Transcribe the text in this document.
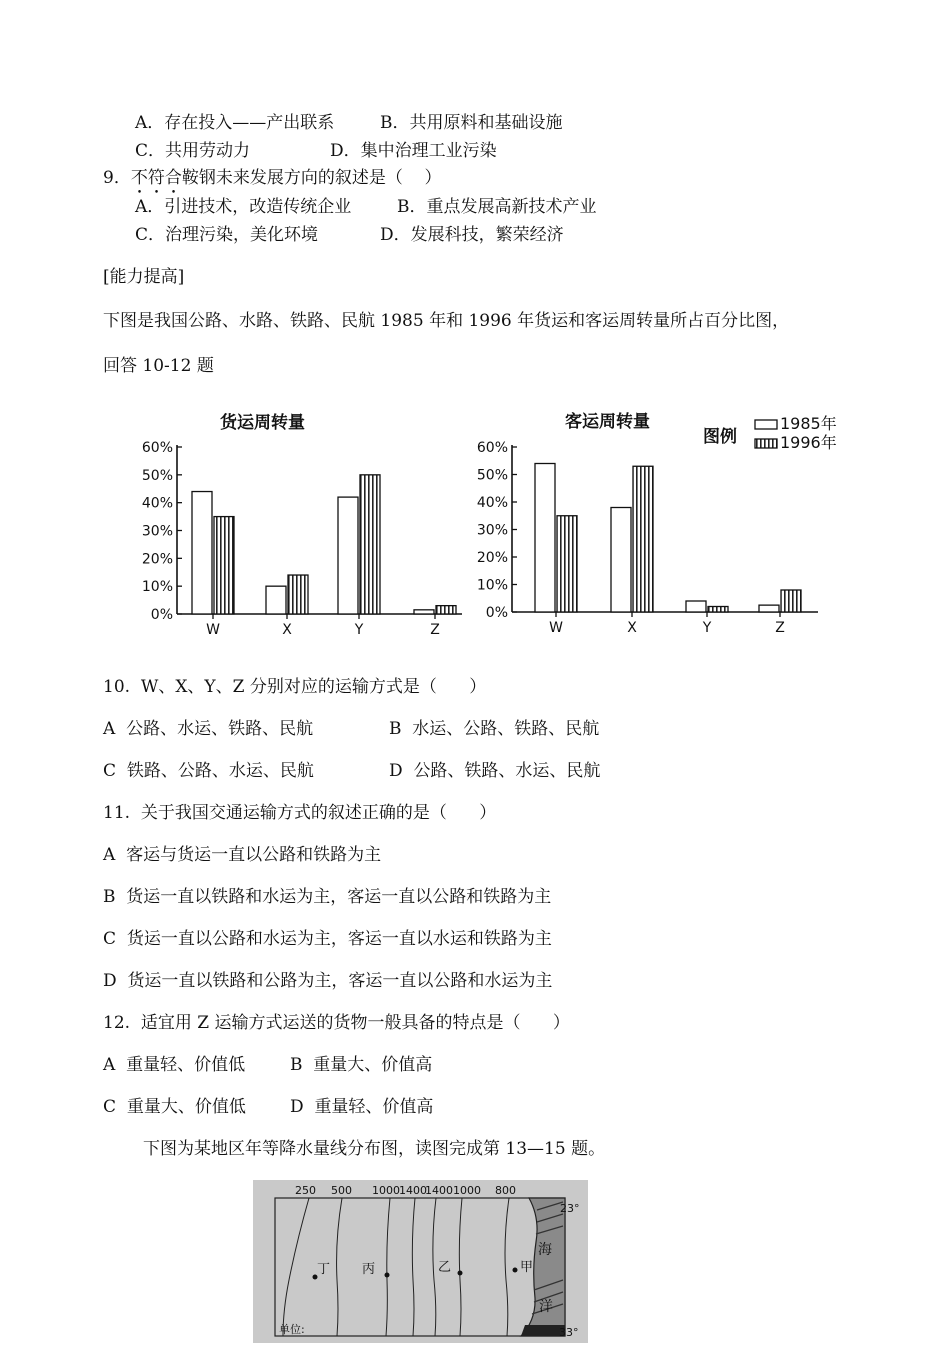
A．存在投入——产出联系	B．共用原料和基础设施
C．共用劳动力	D．集中治理工业污染
9．不符合鞍钢未来发展方向的叙述是（    ）
A．引进技术，改造传统企业	B．重点发展高新技术产业
C．治理污染，美化环境	D．发展科技，繁荣经济
[能力提高]
下图是我国公路、水路、铁路、民航 1985 年和 1996 年货运和客运周转量所占百分比图，
回答 10-12 题
货运周转量
0%
10%
20%
30%
40%
50%
60%
W	X	Y	Z
客运周转量
0%
10%
20%
30%
40%
50%
60%
W	X	Y	Z
图例
1985年
1996年
10.  W、X、Y、Z 分别对应的运输方式是（      ）
A  公路、水运、铁路、民航	B  水运、公路、铁路、民航
C  铁路、公路、水运、民航	D  公路、铁路、水运、民航
11.  关于我国交通运输方式的叙述正确的是（      ）
A  客运与货运一直以公路和铁路为主
B  货运一直以铁路和水运为主，客运一直以公路和铁路为主
C  货运一直以公路和水运为主，客运一直以水运和铁路为主
D  货运一直以铁路和公路为主，客运一直以公路和水运为主
12.  适宜用 Z 运输方式运送的货物一般具备的特点是（      ）
A  重量轻、价值低	B  重量大、价值高
C  重量大、价值低	D  重量轻、价值高
下图为某地区年等降水量线分布图，读图完成第 13—15 题。
250 500 1000 1400
1400 1000 800
23°
33°
丁 丙	乙	甲
海
洋
单位:
